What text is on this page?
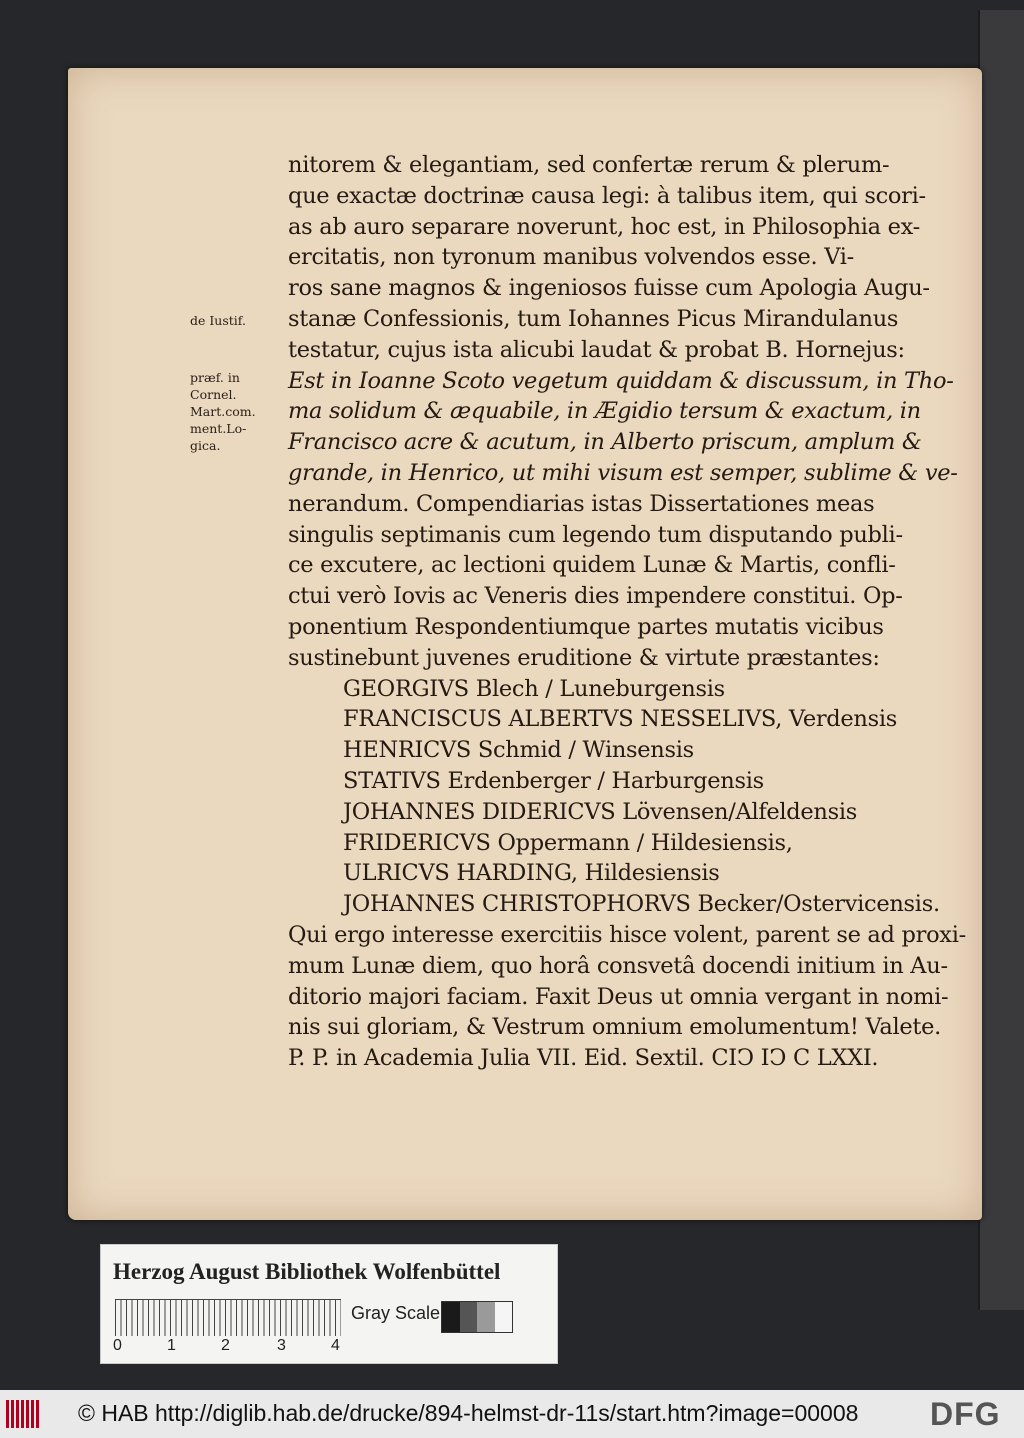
de Iustif.
præf. in
Cornel.
Mart.com.
ment.Lo-
gica.
nitorem & elegantiam, sed confertæ rerum & plerum-
que exactæ doctrinæ causa legi: à talibus item, qui scori-
as ab auro separare noverunt, hoc est, in Philosophia ex-
ercitatis, non tyronum manibus volvendos esse. Vi-
ros sane magnos & ingeniosos fuisse cum Apologia Augu-
stanæ Confessionis, tum Iohannes Picus Mirandulanus
testatur, cujus ista alicubi laudat & probat B. Hornejus:
Est in Ioanne Scoto vegetum quiddam & discussum, in Tho-
ma solidum & æquabile, in Ægidio tersum & exactum, in
Francisco acre & acutum, in Alberto priscum, amplum &
grande, in Henrico, ut mihi visum est semper, sublime & ve-
nerandum. Compendiarias istas Dissertationes meas
singulis septimanis cum legendo tum disputando publi-
ce excutere, ac lectioni quidem Lunæ & Martis, confli-
ctui verò Iovis ac Veneris dies impendere constitui. Op-
ponentium Respondentiumque partes mutatis vicibus
sustinebunt juvenes eruditione & virtute præstantes:
GEORGIVS Blech / Luneburgensis
FRANCISCUS ALBERTVS NESSELIVS, Verdensis
HENRICVS Schmid / Winsensis
STATIVS Erdenberger / Harburgensis
JOHANNES DIDERICVS Lövensen/Alfeldensis
FRIDERICVS Oppermann / Hildesiensis,
ULRICVS HARDING, Hildesiensis
JOHANNES CHRISTOPHORVS Becker/Ostervicensis.
Qui ergo interesse exercitiis hisce volent, parent se ad proxi-
mum Lunæ diem, quo horâ consvetâ docendi initium in Au-
ditorio majori faciam. Faxit Deus ut omnia vergant in nomi-
nis sui gloriam, & Vestrum omnium emolumentum! Valete.
P. P. in Academia Julia VII. Eid. Sextil. CIↃ IↃ C LXXI.
Herzog August Bibliothek Wolfenbüttel
0	1	2	3	4
Gray Scale
© HAB http://diglib.hab.de/drucke/894-helmst-dr-11s/start.htm?image=00008 DFG
